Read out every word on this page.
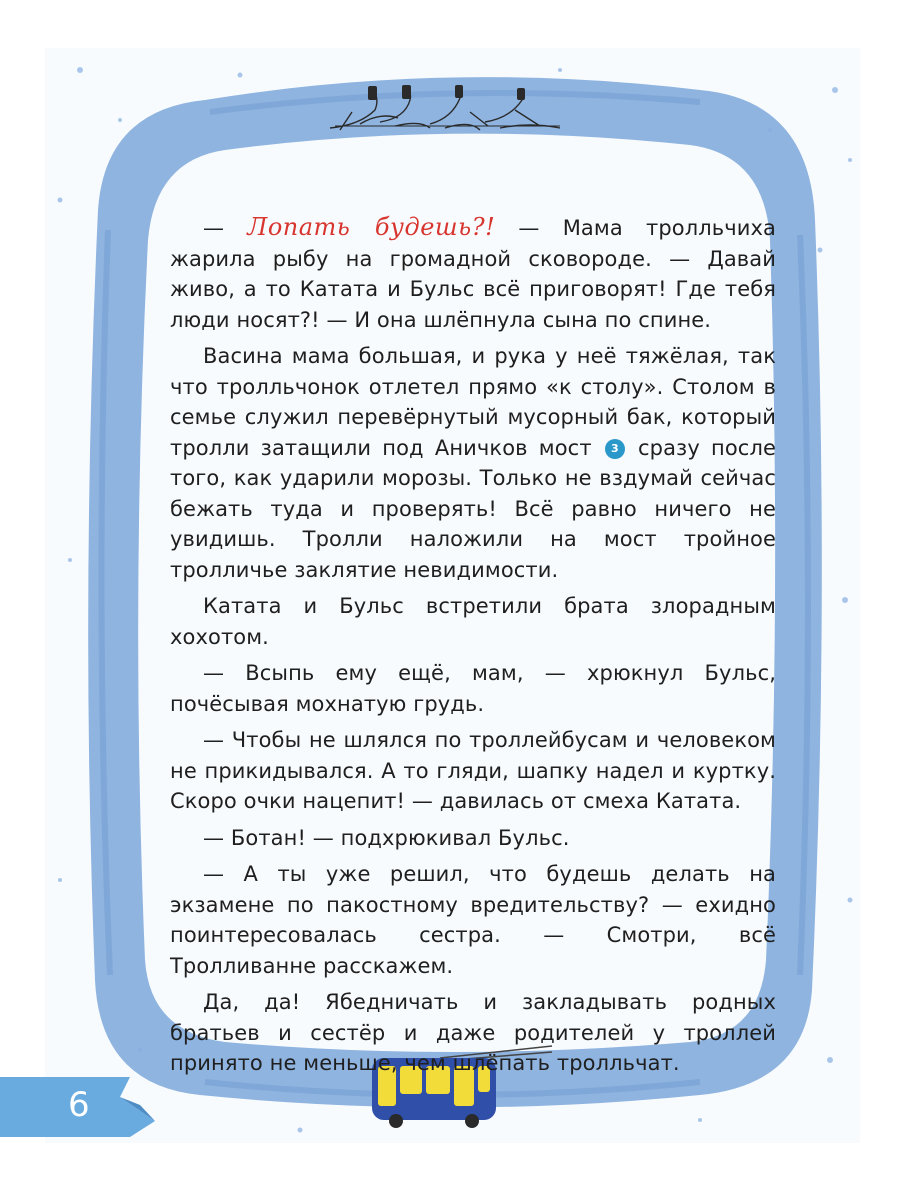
— Лопать будешь?! — Мама тролльчиха жарила рыбу на громадной сковороде. — Давай живо, а то Катата и Бульс всё приговорят! Где тебя люди носят?! — И она шлёпнула сына по спине.

Васина мама большая, и рука у неё тяжёлая, так что тролльчонок отлетел прямо «к столу». Столом в семье служил перевёрнутый мусорный бак, который тролли затащили под Аничков мост 3 сразу после того, как ударили морозы. Только не вздумай сейчас бежать туда и проверять! Всё равно ничего не увидишь. Тролли наложили на мост тройное тролличье заклятие невидимости.

Катата и Бульс встретили брата злорадным хохотом.

— Всыпь ему ещё, мам, — хрюкнул Бульс, почёсывая мохнатую грудь.

— Чтобы не шлялся по троллейбусам и человеком не прикидывался. А то гляди, шапку надел и куртку. Скоро очки нацепит! — давилась от смеха Катата.

— Ботан! — подхрюкивал Бульс.

— А ты уже решил, что будешь делать на экзамене по пакостному вредительству? — ехидно поинтересовалась сестра. — Смотри, всё Тролливанне расскажем.

Да, да! Ябедничать и закладывать родных братьев и сестёр и даже родителей у троллей принято не меньше, чем шлёпать тролльчат.

6
